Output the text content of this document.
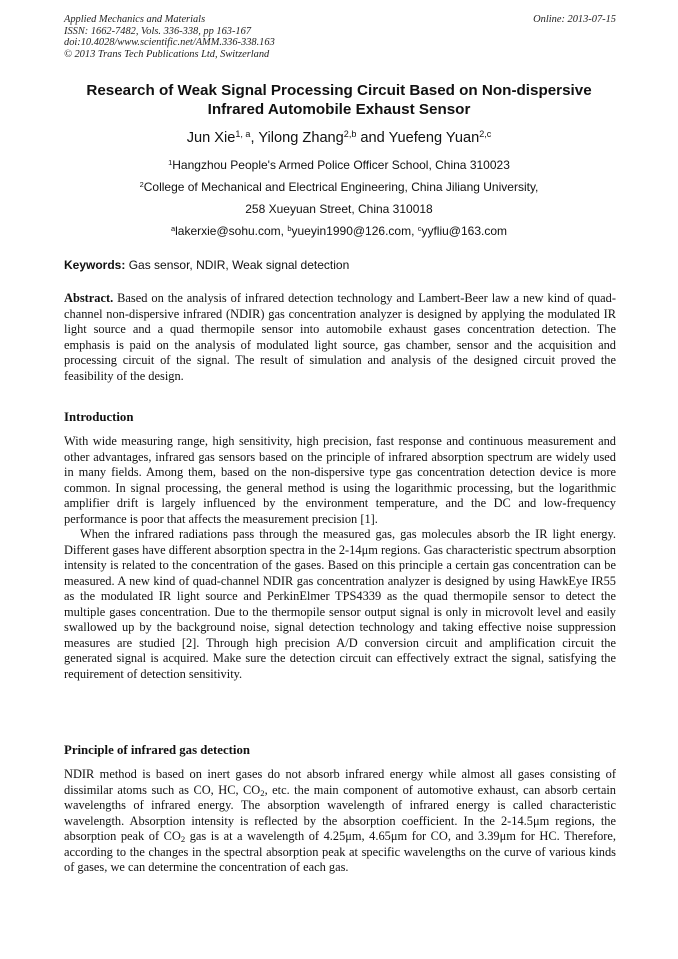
Applied Mechanics and Materials
ISSN: 1662-7482, Vols. 336-338, pp 163-167
doi:10.4028/www.scientific.net/AMM.336-338.163
© 2013 Trans Tech Publications Ltd, Switzerland
Online: 2013-07-15
Research of Weak Signal Processing Circuit Based on Non-dispersive Infrared Automobile Exhaust Sensor
Jun Xie$^{1, a}$, Yilong Zhang$^{2,b}$ and Yuefeng Yuan$^{2,c}$
$^1$Hangzhou People's Armed Police Officer School, China 310023
$^2$College of Mechanical and Electrical Engineering, China Jiliang University,
258 Xueyuan Street, China 310018
$^a$lakerxie@sohu.com, $^b$yueyin1990@126.com, $^c$yyfliu@163.com
Keywords: Gas sensor, NDIR, Weak signal detection

Abstract. Based on the analysis of infrared detection technology and Lambert-Beer law a new kind of quad-channel non-dispersive infrared (NDIR) gas concentration analyzer is designed by applying the modulated IR light source and a quad thermopile sensor into automobile exhaust gases concentration detection. The emphasis is paid on the analysis of modulated light source, gas chamber, sensor and the acquisition and processing circuit of the signal. The result of simulation and analysis of the designed circuit proved the feasibility of the design.

Introduction

With wide measuring range, high sensitivity, high precision, fast response and continuous measurement and other advantages, infrared gas sensors based on the principle of infrared absorption spectrum are widely used in many fields. Among them, based on the non-dispersive type gas concentration detection device is more common. In signal processing, the general method is using the logarithmic processing, but the logarithmic amplifier drift is largely influenced by the environment temperature, and the DC and low-frequency performance is poor that affects the measurement precision [1].

When the infrared radiations pass through the measured gas, gas molecules absorb the IR light energy. Different gases have different absorption spectra in the 2-14μm regions. Gas characteristic spectrum absorption intensity is related to the concentration of the gases. Based on this principle a certain gas concentration can be measured. A new kind of quad-channel NDIR gas concentration analyzer is designed by using HawkEye IR55 as the modulated IR light source and PerkinElmer TPS4339 as the quad thermopile sensor to detect the multiple gases concentration. Due to the thermopile sensor output signal is only in microvolt level and easily swallowed up by the background noise, signal detection technology and taking effective noise suppression measures are studied [2]. Through high precision A/D conversion circuit and amplification circuit the generated signal is acquired. Make sure the detection circuit can effectively extract the signal, satisfying the requirement of detection sensitivity.

Principle of infrared gas detection

NDIR method is based on inert gases do not absorb infrared energy while almost all gases consisting of dissimilar atoms such as CO, HC, $CO_2$, etc. the main component of automotive exhaust, can absorb certain wavelengths of infrared energy. The absorption wavelength of infrared energy is called characteristic wavelength. Absorption intensity is reflected by the absorption coefficient. In the 2-14.5μm regions, the absorption peak of $CO_2$ gas is at a wavelength of 4.25μm, 4.65μm for CO, and 3.39μm for HC. Therefore, according to the changes in the spectral absorption peak at specific wavelengths on the curve of various kinds of gases, we can determine the concentration of each gas.
